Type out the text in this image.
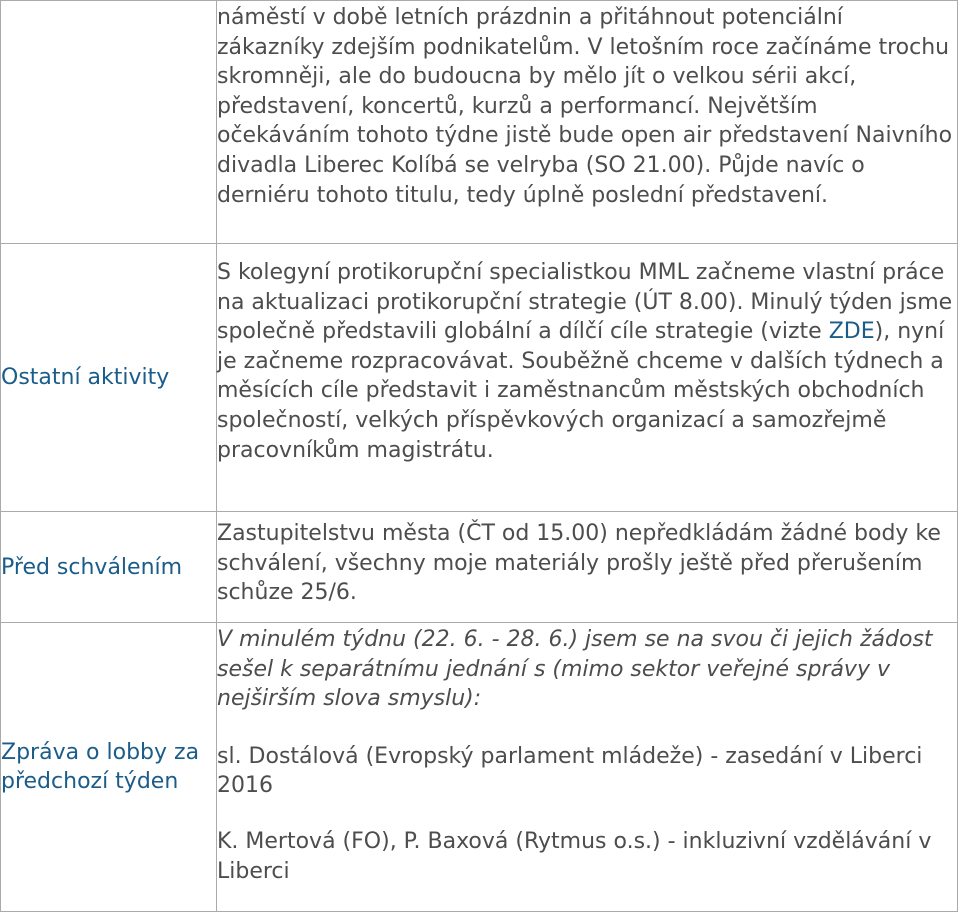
	náměstí v době letních prázdnin a přitáhnout potenciální zákazníky zdejším podnikatelům. V letošním roce začínáme trochu skromněji, ale do budoucna by mělo jít o velkou sérii akcí, představení, koncertů, kurzů a performancí. Největším očekáváním tohoto týdne jistě bude open air představení Naivního divadla Liberec Kolíbá se velryba (SO 21.00). Půjde navíc o derniéru tohoto titulu, tedy úplně poslední představení.

Ostatní aktivity	S kolegyní protikorupční specialistkou MML začneme vlastní práce na aktualizaci protikorupční strategie (ÚT 8.00). Minulý týden jsme společně představili globální a dílčí cíle strategie (vizte ZDE), nyní je začneme rozpracovávat. Souběžně chceme v dalších týdnech a měsících cíle představit i zaměstnancům městských obchodních společností, velkých příspěvkových organizací a samozřejmě pracovníkům magistrátu.

Před schválením	Zastupitelstvu města (ČT od 15.00) nepředkládám žádné body ke schválení, všechny moje materiály prošly ještě před přerušením schůze 25/6.

Zpráva o lobby za předchozí týden	V minulém týdnu (22. 6. - 28. 6.) jsem se na svou či jejich žádost sešel k separátnímu jednání s (mimo sektor veřejné správy v nejširším slova smyslu):

sl. Dostálová (Evropský parlament mládeže) - zasedání v Liberci 2016

K. Mertová (FO), P. Baxová (Rytmus o.s.) - inkluzivní vzdělávání v Liberci
